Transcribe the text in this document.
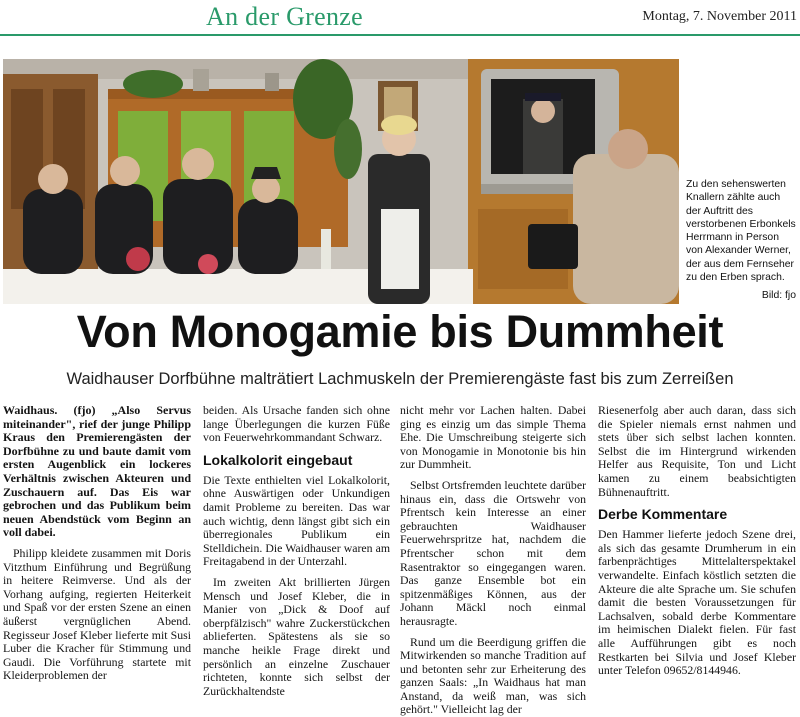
An der Grenze	Montag, 7. November 2011
Zu den sehenswerten Knallern zählte auch der Auftritt des verstorbenen Erbonkels Herrmann in Person von Alexander Werner, der aus dem Fernseher zu den Erben sprach.
Bild: fjo
Von Monogamie bis Dummheit
Waidhauser Dorfbühne malträtiert Lachmuskeln der Premierengäste fast bis zum Zerreißen

Waidhaus. (fjo) „Also Servus miteinander", rief der junge Philipp Kraus den Premierengästen der Dorfbühne zu und baute damit vom ersten Augenblick ein lockeres Verhältnis zwischen Akteuren und Zuschauern auf. Das Eis war gebrochen und das Publikum beim neuen Abendstück vom Beginn an voll dabei.

Philipp kleidete zusammen mit Doris Vitzthum Einführung und Begrüßung in heitere Reimverse. Und als der Vorhang aufging, regierten Heiterkeit und Spaß vor der ersten Szene an einen äußerst vergnüglichen Abend. Regisseur Josef Kleber lieferte mit Susi Luber die Kracher für Stimmung und Gaudi. Die Vorführung startete mit Kleiderproblemen der

beiden. Als Ursache fanden sich ohne lange Überlegungen die kurzen Füße von Feuerwehrkommandant Schwarz.

Lokalkolorit eingebaut

Die Texte enthielten viel Lokalkolorit, ohne Auswärtigen oder Unkundigen damit Probleme zu bereiten. Das war auch wichtig, denn längst gibt sich ein überregionales Publikum ein Stelldichein. Die Waidhauser waren am Freitagabend in der Unterzahl.

Im zweiten Akt brillierten Jürgen Mensch und Josef Kleber, die in Manier von „Dick & Doof auf oberpfälzisch" wahre Zuckerstückchen ablieferten. Spätestens als sie so manche heikle Frage direkt und persönlich an einzelne Zuschauer richteten, konnte sich selbst der Zurückhaltendste

nicht mehr vor Lachen halten. Dabei ging es einzig um das simple Thema Ehe. Die Umschreibung steigerte sich von Monogamie in Monotonie bis hin zur Dummheit.

Selbst Ortsfremden leuchtete darüber hinaus ein, dass die Ortswehr von Pfrentsch kein Interesse an einer gebrauchten Waidhauser Feuerwehrspritze hat, nachdem die Pfrentscher schon mit dem Rasentraktor so eingegangen waren. Das ganze Ensemble bot ein spitzenmäßiges Können, aus der Johann Mäckl noch einmal herausragte.

Rund um die Beerdigung griffen die Mitwirkenden so manche Tradition auf und betonten sehr zur Erheiterung des ganzen Saals: „In Waidhaus hat man Anstand, da weiß man, was sich gehört." Vielleicht lag der

Riesenerfolg aber auch daran, dass sich die Spieler niemals ernst nahmen und stets über sich selbst lachen konnten. Selbst die im Hintergrund wirkenden Helfer aus Requisite, Ton und Licht kamen zu einem beabsichtigten Bühnenauftritt.

Derbe Kommentare

Den Hammer lieferte jedoch Szene drei, als sich das gesamte Drumherum in ein farbenprächtiges Mittelalterspektakel verwandelte. Einfach köstlich setzten die Akteure die alte Sprache um. Sie schufen damit die besten Voraussetzungen für Lachsalven, sobald derbe Kommentare im heimischen Dialekt fielen. Für fast alle Aufführungen gibt es noch Restkarten bei Silvia und Josef Kleber unter Telefon 09652/8144946.
